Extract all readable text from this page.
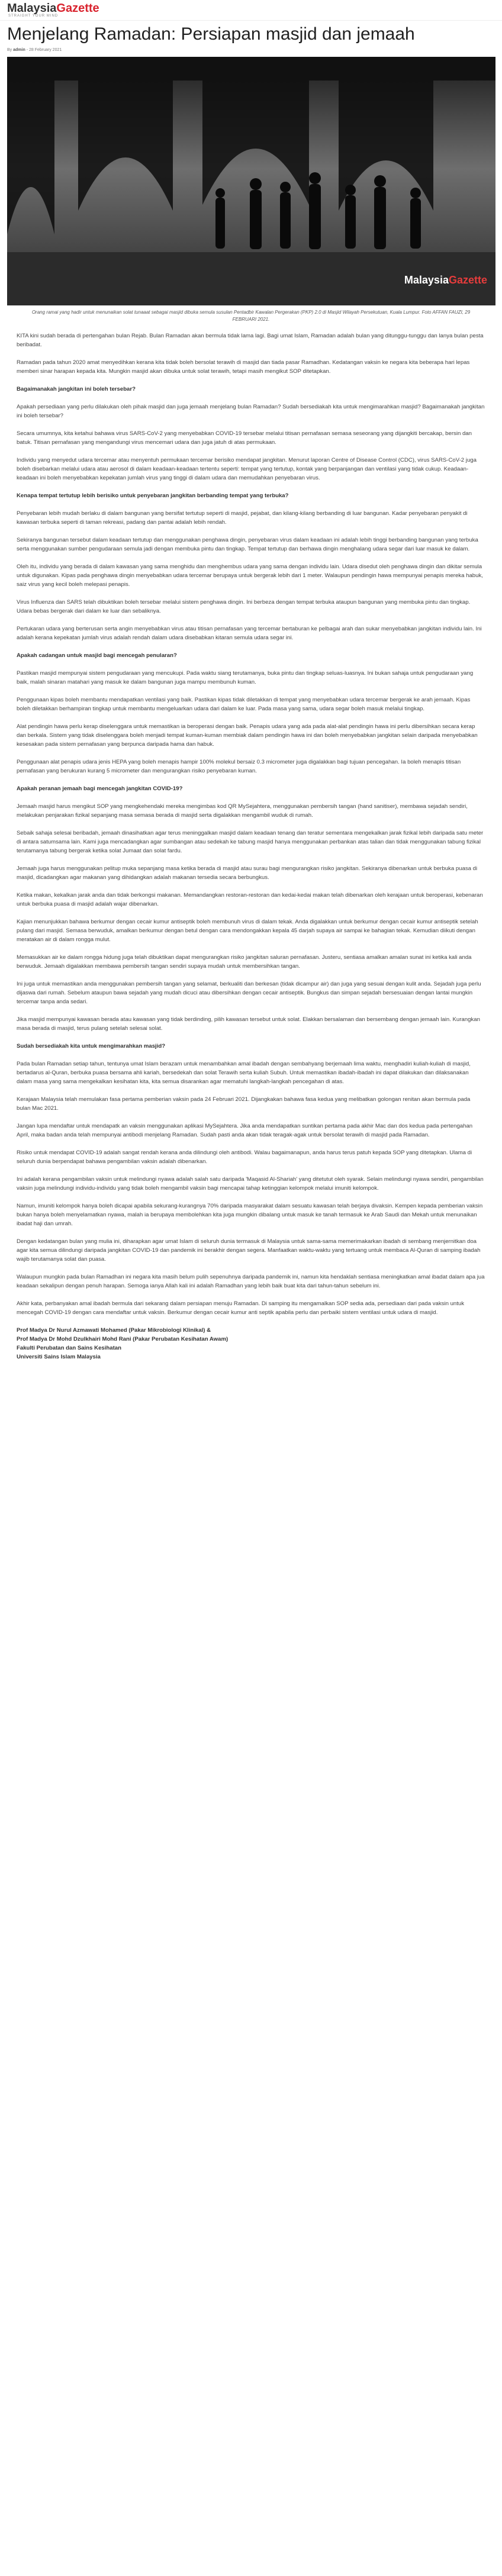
MalaysiaGazette
STRAIGHT YOUR MIND
Menjelang Ramadan: Persiapan masjid dan jemaah
By admin - 28 February 2021
MalaysiaGazette
Orang ramai yang hadir untuk menunaikan solat tunaaat sebagai masjid dibuka semula susulan Pentadbir Kawalan Pergerakan (PKP) 2.0 di Masjid Wilayah Persekutuan, Kuala Lumpur. Foto AFFAN FAUZI, 29 FEBRUARI 2021.

KITA kini sudah berada di pertengahan bulan Rejab. Bulan Ramadan akan bermula tidak lama lagi. Bagi umat Islam, Ramadan adalah bulan yang ditunggu-tunggu dan lanya bulan pesta beribadat.

Ramadan pada tahun 2020 amat menyedihkan kerana kita tidak boleh bersolat terawih di masjid dan tiada pasar Ramadhan. Kedatangan vaksin ke negara kita beberapa hari lepas memberi sinar harapan kepada kita. Mungkin masjid akan dibuka untuk solat terawih, tetapi masih mengikut SOP ditetapkan.

Bagaimanakah jangkitan ini boleh tersebar?

Apakah persediaan yang perlu dilakukan oleh pihak masjid dan juga jemaah menjelang bulan Ramadan? Sudah bersediakah kita untuk mengimarahkan masjid? Bagaimanakah jangkitan ini boleh tersebar?

Secara umumnya, kita ketahui bahawa virus SARS-CoV-2 yang menyebabkan COVID-19 tersebar melalui titisan pernafasan semasa seseorang yang dijangkiti bercakap, bersin dan batuk. Titisan pernafasan yang mengandungi virus mencemari udara dan juga jatuh di atas permukaan.

Individu yang menyedut udara tercemar atau menyentuh permukaan tercemar berisiko mendapat jangkitan. Menurut laporan Centre of Disease Control (CDC), virus SARS-CoV-2 juga boleh disebarkan melalui udara atau aerosol di dalam keadaan-keadaan tertentu seperti: tempat yang tertutup, kontak yang berpanjangan dan ventilasi yang tidak cukup. Keadaan-keadaan ini boleh menyebabkan kepekatan jumlah virus yang tinggi di dalam udara dan memudahkan penyebaran virus.

Kenapa tempat tertutup lebih berisiko untuk penyebaran jangkitan berbanding tempat yang terbuka?

Penyebaran lebih mudah berlaku di dalam bangunan yang bersifat tertutup seperti di masjid, pejabat, dan kilang-kilang berbanding di luar bangunan. Kadar penyebaran penyakit di kawasan terbuka seperti di taman rekreasi, padang dan pantai adalah lebih rendah.

Sekiranya bangunan tersebut dalam keadaan tertutup dan menggunakan penghawa dingin, penyebaran virus dalam keadaan ini adalah lebih tinggi berbanding bangunan yang terbuka serta menggunakan sumber pengudaraan semula jadi dengan membuka pintu dan tingkap. Tempat tertutup dan berhawa dingin menghalang udara segar dari luar masuk ke dalam.

Oleh itu, individu yang berada di dalam kawasan yang sama menghidu dan menghembus udara yang sama dengan individu lain. Udara disedut oleh penghawa dingin dan dikitar semula untuk digunakan. Kipas pada penghawa dingin menyebabkan udara tercemar berupaya untuk bergerak lebih dari 1 meter. Walaupun pendingin hawa mempunyai penapis mereka habuk, saiz virus yang kecil boleh melepasi penapis.

Virus Influenza dan SARS telah dibuktikan boleh tersebar melalui sistem penghawa dingin. Ini berbeza dengan tempat terbuka ataupun bangunan yang membuka pintu dan tingkap. Udara bebas bergerak dari dalam ke luar dan sebaliknya.

Pertukaran udara yang berterusan serta angin menyebabkan virus atau titisan pernafasan yang tercemar bertaburan ke pelbagai arah dan sukar menyebabkan jangkitan individu lain. Ini adalah kerana kepekatan jumlah virus adalah rendah dalam udara disebabkan kitaran semula udara segar ini.

Apakah cadangan untuk masjid bagi mencegah penularan?

Pastikan masjid mempunyai sistem pengudaraan yang mencukupi. Pada waktu siang terutamanya, buka pintu dan tingkap seluas-luasnya. Ini bukan sahaja untuk pengudaraan yang baik, malah sinaran matahari yang masuk ke dalam bangunan juga mampu membunuh kuman.

Penggunaan kipas boleh membantu mendapatkan ventilasi yang baik. Pastikan kipas tidak diletakkan di tempat yang menyebabkan udara tercemar bergerak ke arah jemaah. Kipas boleh diletakkan berhampiran tingkap untuk membantu mengeluarkan udara dari dalam ke luar. Pada masa yang sama, udara segar boleh masuk melalui tingkap.

Alat pendingin hawa perlu kerap diselenggara untuk memastikan ia beroperasi dengan baik. Penapis udara yang ada pada alat-alat pendingin hawa ini perlu dibersihkan secara kerap dan berkala. Sistem yang tidak diselenggara boleh menjadi tempat kuman-kuman membiak dalam pendingin hawa ini dan boleh menyebabkan jangkitan selain daripada menyebabkan kesesakan pada sistem pernafasan yang berpunca daripada hama dan habuk.

Penggunaan alat penapis udara jenis HEPA yang boleh menapis hampir 100% molekul bersaiz 0.3 micrometer juga digalakkan bagi tujuan pencegahan. Ia boleh menapis titisan pernafasan yang berukuran kurang 5 micrometer dan mengurangkan risiko penyebaran kuman.

Apakah peranan jemaah bagi mencegah jangkitan COVID-19?

Jemaah masjid harus mengikut SOP yang mengkehendaki mereka mengimbas kod QR MySejahtera, menggunakan pembersih tangan (hand sanitiser), membawa sejadah sendiri, melakukan penjarakan fizikal sepanjang masa semasa berada di masjid serta digalakkan mengambil wuduk di rumah.

Sebaik sahaja selesai beribadah, jemaah dinasihatkan agar terus meninggalkan masjid dalam keadaan tenang dan teratur sementara mengekalkan jarak fizikal lebih daripada satu meter di antara satumsama lain. Kami juga mencadangkan agar sumbangan atau sedekah ke tabung masjid hanya menggunakan perbankan atas talian dan tidak menggunakan tabung fizikal terutamanya tabung bergerak ketika solat Jumaat dan solat fardu.

Jemaah juga harus menggunakan pelitup muka sepanjang masa ketika berada di masjid atau surau bagi mengurangkan risiko jangkitan. Sekiranya dibenarkan untuk berbuka puasa di masjid, dicadangkan agar makanan yang dihidangkan adalah makanan tersedia secara berbungkus.

Ketika makan, kekalkan jarak anda dan tidak berkongsi makanan. Memandangkan restoran-restoran dan kedai-kedai makan telah dibenarkan oleh kerajaan untuk beroperasi, kebenaran untuk berbuka puasa di masjid adalah wajar dibenarkan.

Kajian menunjukkan bahawa berkumur dengan cecair kumur antiseptik boleh membunuh virus di dalam tekak. Anda digalakkan untuk berkumur dengan cecair kumur antiseptik setelah pulang dari masjid. Semasa berwuduk, amalkan berkumur dengan betul dengan cara mendongakkan kepala 45 darjah supaya air sampai ke bahagian tekak. Kemudian diikuti dengan meratakan air di dalam rongga mulut.

Memasukkan air ke dalam rongga hidung juga telah dibuktikan dapat mengurangkan risiko jangkitan saluran pernafasan. Justeru, sentiasa amalkan amalan sunat ini ketika kali anda berwuduk. Jemaah digalakkan membawa pembersih tangan sendiri supaya mudah untuk membersihkan tangan.

Ini juga untuk memastikan anda menggunakan pembersih tangan yang selamat, berkualiti dan berkesan (tidak dicampur air) dan juga yang sesuai dengan kulit anda. Sejadah juga perlu dijaswa dari rumah. Sebelum ataupun bawa sejadah yang mudah dicuci atau dibersihkan dengan cecair antiseptik. Bungkus dan simpan sejadah bersesuaian dengan lantai mungkin tercemar tanpa anda sedari.

Jika masjid mempunyai kawasan berada atau kawasan yang tidak berdinding, pilih kawasan tersebut untuk solat. Elakkan bersalaman dan bersembang dengan jemaah lain. Kurangkan masa berada di masjid, terus pulang setelah selesai solat.

Sudah bersediakah kita untuk mengimarahkan masjid?

Pada bulan Ramadan setiap tahun, tentunya umat Islam berazam untuk menambahkan amal ibadah dengan sembahyang berjemaah lima waktu, menghadiri kuliah-kuliah di masjid, bertadarus al-Quran, berbuka puasa bersama ahli kariah, bersedekah dan solat Terawih serta kuliah Subuh. Untuk memastikan ibadah-ibadah ini dapat dilakukan dan dilaksanakan dalam masa yang sama mengekalkan kesihatan kita, kita semua disarankan agar mematuhi langkah-langkah pencegahan di atas.

Kerajaan Malaysia telah memulakan fasa pertama pemberian vaksin pada 24 Februari 2021. Dijangkakan bahawa fasa kedua yang melibatkan golongan renitan akan bermula pada bulan Mac 2021.

Jangan lupa mendaftar untuk mendapatk an vaksin menggunakan aplikasi MySejahtera. Jika anda mendapatkan suntikan pertama pada akhir Mac dan dos kedua pada pertengahan April, maka badan anda telah mempunyai antibodi menjelang Ramadan. Sudah pasti anda akan tidak teragak-agak untuk bersolat terawih di masjid pada Ramadan.

Risiko untuk mendapat COVID-19 adalah sangat rendah kerana anda dilindungi oleh antibodi. Walau bagaimanapun, anda harus terus patuh kepada SOP yang ditetapkan. Ulama di seluruh dunia berpendapat bahawa pengambilan vaksin adalah dibenarkan.

Ini adalah kerana pengambilan vaksin untuk melindungi nyawa adalah salah satu daripada 'Maqasid Al-Shariah' yang ditetutut oleh syarak. Selain melindungi nyawa sendiri, pengambilan vaksin juga melindungi individu-individu yang tidak boleh mengambil vaksin bagi mencapai tahap ketinggian kelompok melalui imuniti kelompok.

Namun, imuniti kelompok hanya boleh dicapai apabila sekurang-kurangnya 70% daripada masyarakat dalam sesuatu kawasan telah berjaya divaksin. Kempen kepada pemberian vaksin bukan hanya boleh menyelamatkan nyawa, malah ia berupaya membolehkan kita juga mungkin dibalang untuk masuk ke tanah termasuk ke Arab Saudi dan Mekah untuk menunaikan ibadat haji dan umrah.

Dengan kedatangan bulan yang mulia ini, diharapkan agar umat Islam di seluruh dunia termasuk di Malaysia untuk sama-sama memerimakarkan ibadah di sembang menjernitkan doa agar kita semua dilindungi daripada jangkitan COVID-19 dan pandemik ini berakhir dengan segera. Manfaatkan waktu-waktu yang tertuang untuk membaca Al-Quran di samping ibadah wajib terutamanya solat dan puasa.

Walaupun mungkin pada bulan Ramadhan ini negara kita masih belum pulih sepenuhnya daripada pandemik ini, namun kita hendaklah sentiasa meningkatkan amal ibadat dalam apa jua keadaan sekalipun dengan penuh harapan. Semoga ianya Allah kali ini adalah Ramadhan yang lebih baik buat kita dari tahun-tahun sebelum ini.

Akhir kata, perbanyakan amal ibadah bermula dari sekarang dalam persiapan menuju Ramadan. Di samping itu mengamalkan SOP sedia ada, persediaan dari pada vaksin untuk mencegah COVID-19 dengan cara mendaftar untuk vaksin. Berkumur dengan cecair kumur anti septik apabila perlu dan perbaiki sistem ventilasi untuk udara di masjid.

Prof Madya Dr Nurul Azmawati Mohamed (Pakar Mikrobiologi Klinikal) &

Prof Madya Dr Mohd Dzulkhairi Mohd Rani (Pakar Perubatan Kesihatan Awam)

Fakulti Perubatan dan Sains Kesihatan

Universiti Sains Islam Malaysia
